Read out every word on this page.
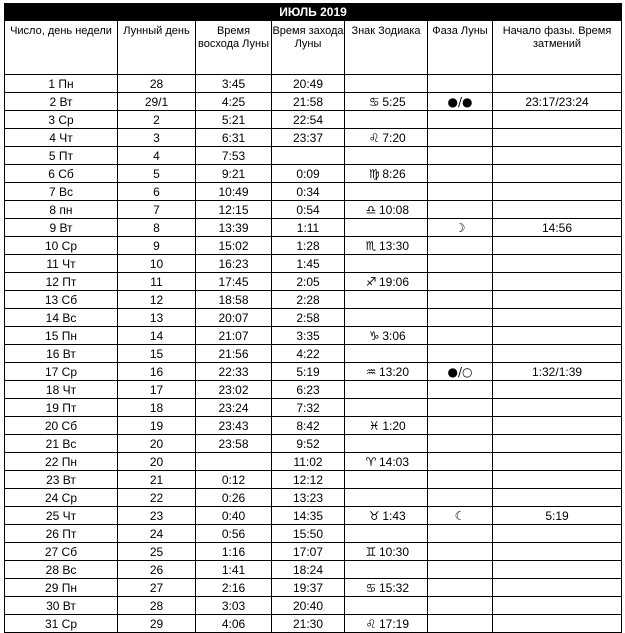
ИЮЛЬ 2019						
Число, день недели	Лунный день	Время восхода Луны	Время захода Луны	Знак Зодиака	Фаза Луны	Начало фазы. Время затмений
1 Пн	28	3:45	20:49			
2 Вт	29/1	4:25	21:58	♋ 5:25	●/●	23:17/23:24
3 Ср	2	5:21	22:54			
4 Чт	3	6:31	23:37	♌ 7:20		
5 Пт	4	7:53				
6 Сб	5	9:21	0:09	♍ 8:26		
7 Вс	6	10:49	0:34			
8 пн	7	12:15	0:54	♎ 10:08		
9 Вт	8	13:39	1:11		☽	14:56
10 Ср	9	15:02	1:28	♏ 13:30		
11 Чт	10	16:23	1:45			
12 Пт	11	17:45	2:05	♐ 19:06		
13 Сб	12	18:58	2:28			
14 Вс	13	20:07	2:58			
15 Пн	14	21:07	3:35	♑ 3:06		
16 Вт	15	21:56	4:22			
17 Ср	16	22:33	5:19	♒ 13:20	●/○	1:32/1:39
18 Чт	17	23:02	6:23			
19 Пт	18	23:24	7:32			
20 Сб	19	23:43	8:42	♓ 1:20		
21 Вс	20	23:58	9:52			
22 Пн	20		11:02	♈ 14:03		
23 Вт	21	0:12	12:12			
24 Ср	22	0:26	13:23			
25 Чт	23	0:40	14:35	♉ 1:43	☾	5:19
26 Пт	24	0:56	15:50			
27 Сб	25	1:16	17:07	♊ 10:30		
28 Вс	26	1:41	18:24			
29 Пн	27	2:16	19:37	♋ 15:32		
30 Вт	28	3:03	20:40			
31 Ср	29	4:06	21:30	♌ 17:19		
